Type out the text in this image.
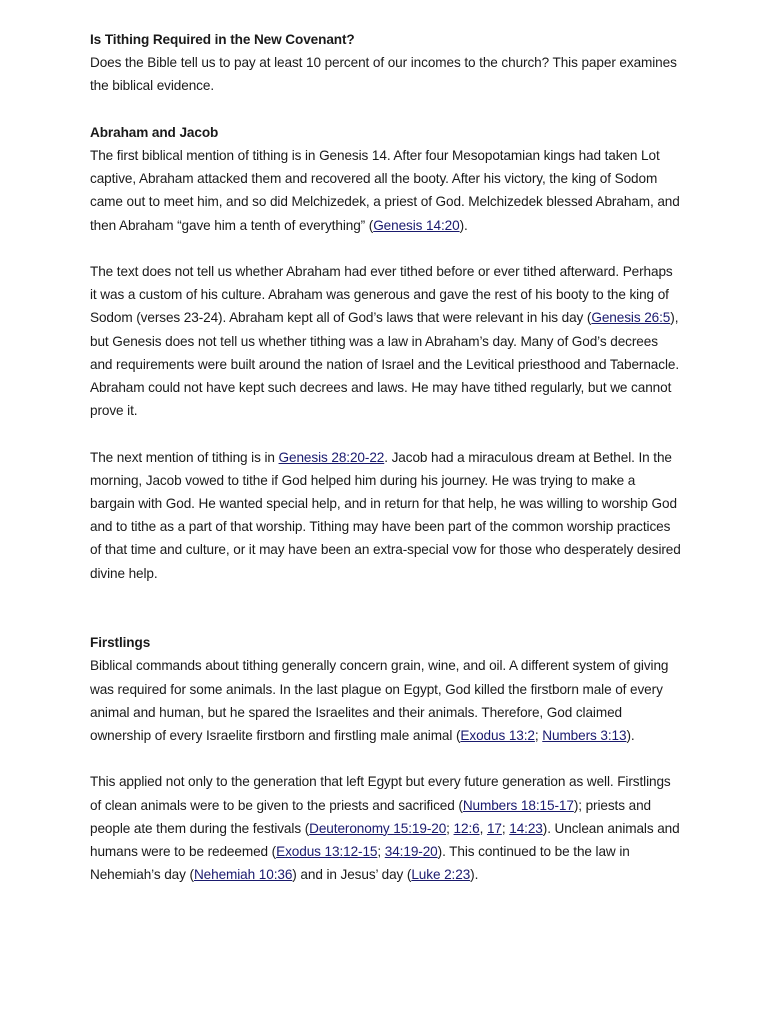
Is Tithing Required in the New Covenant?

Does the Bible tell us to pay at least 10 percent of our incomes to the church? This paper examines the biblical evidence.

Abraham and Jacob

The first biblical mention of tithing is in Genesis 14. After four Mesopotamian kings had taken Lot captive, Abraham attacked them and recovered all the booty. After his victory, the king of Sodom came out to meet him, and so did Melchizedek, a priest of God. Melchizedek blessed Abraham, and then Abraham “gave him a tenth of everything” (Genesis 14:20).

The text does not tell us whether Abraham had ever tithed before or ever tithed afterward. Perhaps it was a custom of his culture. Abraham was generous and gave the rest of his booty to the king of Sodom (verses 23-24). Abraham kept all of God’s laws that were relevant in his day (Genesis 26:5), but Genesis does not tell us whether tithing was a law in Abraham’s day. Many of God’s decrees and requirements were built around the nation of Israel and the Levitical priesthood and Tabernacle. Abraham could not have kept such decrees and laws. He may have tithed regularly, but we cannot prove it.

The next mention of tithing is in Genesis 28:20-22. Jacob had a miraculous dream at Bethel. In the morning, Jacob vowed to tithe if God helped him during his journey. He was trying to make a bargain with God. He wanted special help, and in return for that help, he was willing to worship God and to tithe as a part of that worship. Tithing may have been part of the common worship practices of that time and culture, or it may have been an extra-special vow for those who desperately desired divine help.

Firstlings

Biblical commands about tithing generally concern grain, wine, and oil. A different system of giving was required for some animals. In the last plague on Egypt, God killed the firstborn male of every animal and human, but he spared the Israelites and their animals. Therefore, God claimed ownership of every Israelite firstborn and firstling male animal (Exodus 13:2; Numbers 3:13).

This applied not only to the generation that left Egypt but every future generation as well. Firstlings of clean animals were to be given to the priests and sacrificed (Numbers 18:15-17); priests and people ate them during the festivals (Deuteronomy 15:19-20; 12:6, 17; 14:23). Unclean animals and humans were to be redeemed (Exodus 13:12-15; 34:19-20). This continued to be the law in Nehemiah’s day (Nehemiah 10:36) and in Jesus’ day (Luke 2:23).
